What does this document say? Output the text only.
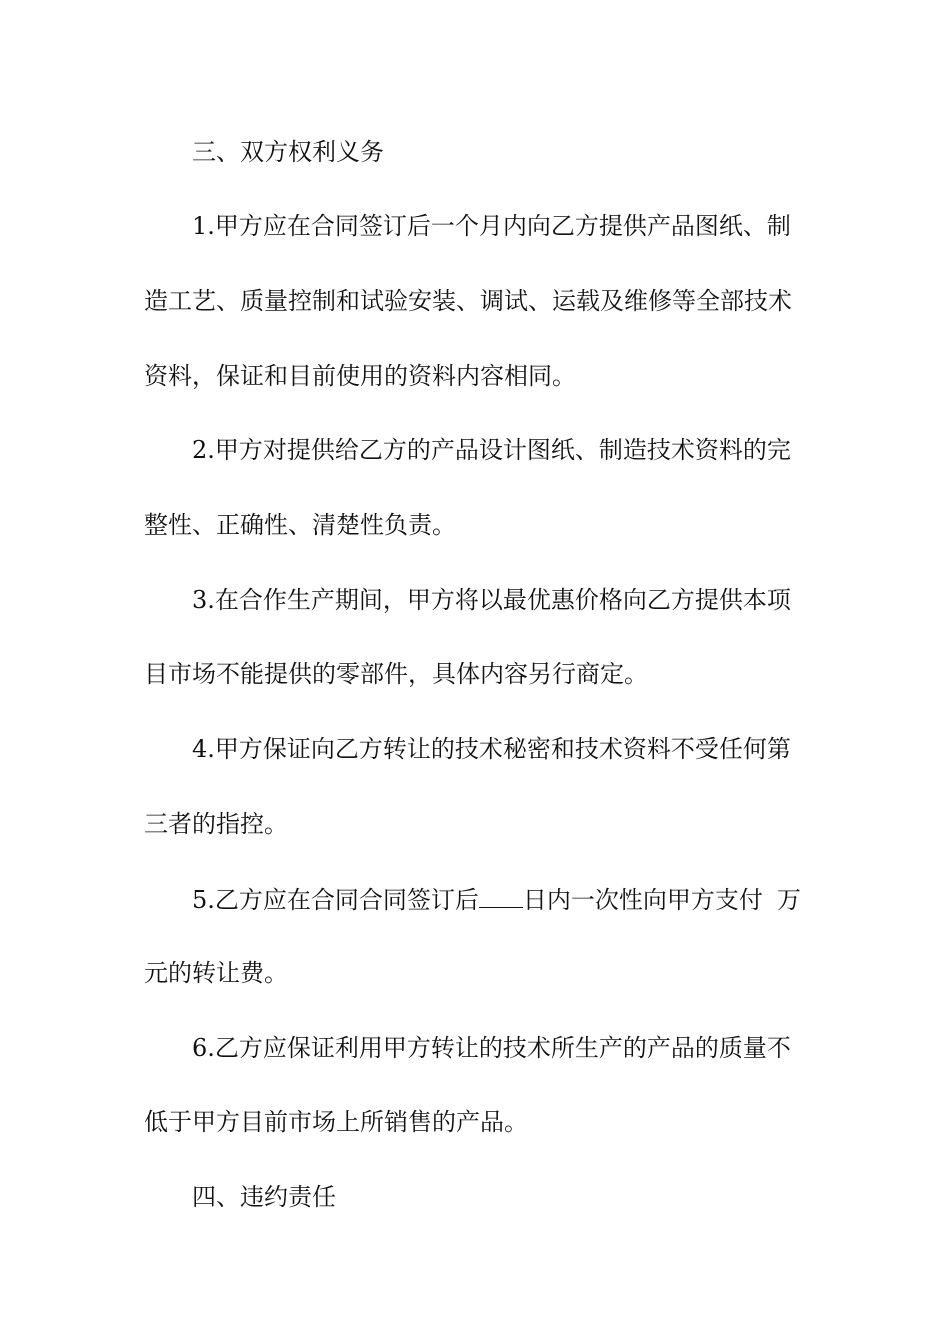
三、双方权利义务
1.甲方应在合同签订后一个月内向乙方提供产品图纸、制
造工艺、质量控制和试验安装、调试、运载及维修等全部技术
资料，保证和目前使用的资料内容相同。
2.甲方对提供给乙方的产品设计图纸、制造技术资料的完
整性、正确性、清楚性负责。
3.在合作生产期间，甲方将以最优惠价格向乙方提供本项
目市场不能提供的零部件，具体内容另行商定。
4.甲方保证向乙方转让的技术秘密和技术资料不受任何第
三者的指控。
5.乙方应在合同合同签订后 日内一次性向甲方支付 万
元的转让费。
6.乙方应保证利用甲方转让的技术所生产的产品的质量不
低于甲方目前市场上所销售的产品。
四、违约责任
